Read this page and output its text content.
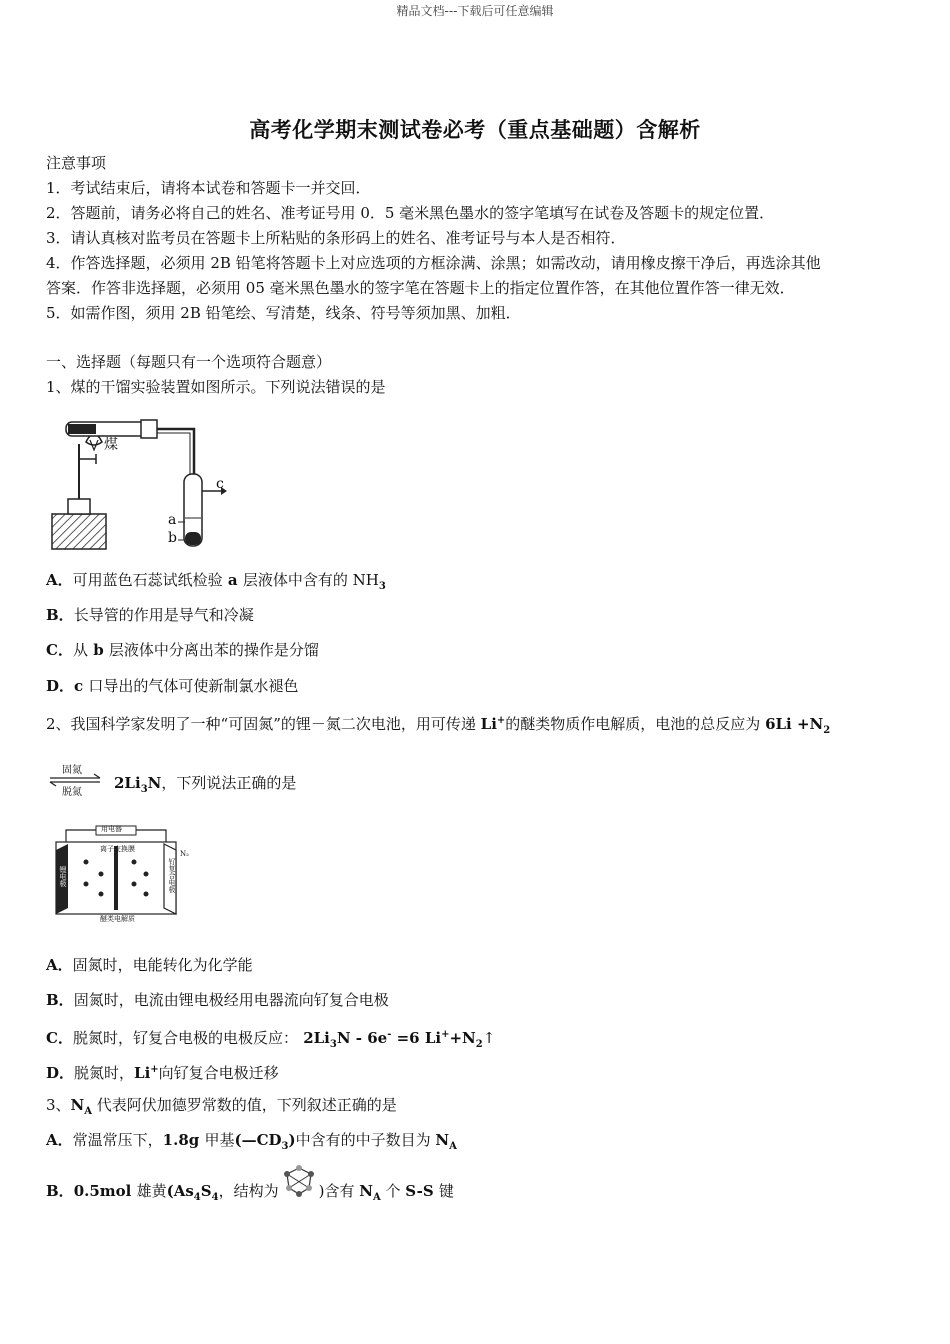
精品文档---下载后可任意编辑
高考化学期末测试卷必考（重点基础题）含解析
注意事项
1．考试结束后，请将本试卷和答题卡一并交回．
2．答题前，请务必将自己的姓名、准考证号用 0．5 毫米黑色墨水的签字笔填写在试卷及答题卡的规定位置．
3．请认真核对监考员在答题卡上所粘贴的条形码上的姓名、准考证号与本人是否相符．
4．作答选择题，必须用 2B 铅笔将答题卡上对应选项的方框涂满、涂黑；如需改动，请用橡皮擦干净后，再选涂其他
答案．作答非选择题，必须用 05 毫米黑色墨水的签字笔在答题卡上的指定位置作答，在其他位置作答一律无效．
5．如需作图，须用 2B 铅笔绘、写清楚，线条、符号等须加黑、加粗．
一、选择题（每题只有一个选项符合题意）
1、煤的干馏实验装置如图所示。下列说法错误的是
煤
c
a
b
A．可用蓝色石蕊试纸检验 a 层液体中含有的 $NH_3$
B．长导管的作用是导气和冷凝
C．从 b 层液体中分离出苯的操作是分馏
D．c 口导出的气体可使新制氯水褪色
2、我国科学家发明了一种“可固氮”的锂－氮二次电池，用可传递 Li+的醚类物质作电解质，电池的总反应为 $6Li +N_2$
固氮
脱氮
$2Li_3N$，下列说法正确的是
用电器
离子交换膜
锂电极	钌复合电极
N₂
醚类电解质
A．固氮时，电能转化为化学能
B．固氮时，电流由锂电极经用电器流向钌复合电极
C．脱氮时，钌复合电极的电极反应： $2Li_3N - 6e^- =6$ $Li^++N_2↑$
D．脱氮时，Li+向钌复合电极迁移
3、$N_A$ 代表阿伏加德罗常数的值，下列叙述正确的是
A．常温常压下，1.8g 甲基$(—CD_3)$中含有的中子数目为 $N_A$
B．0.5mol 雄黄($As_4S_4$，结构为	)含有 $N_A$ 个 S-S 键
